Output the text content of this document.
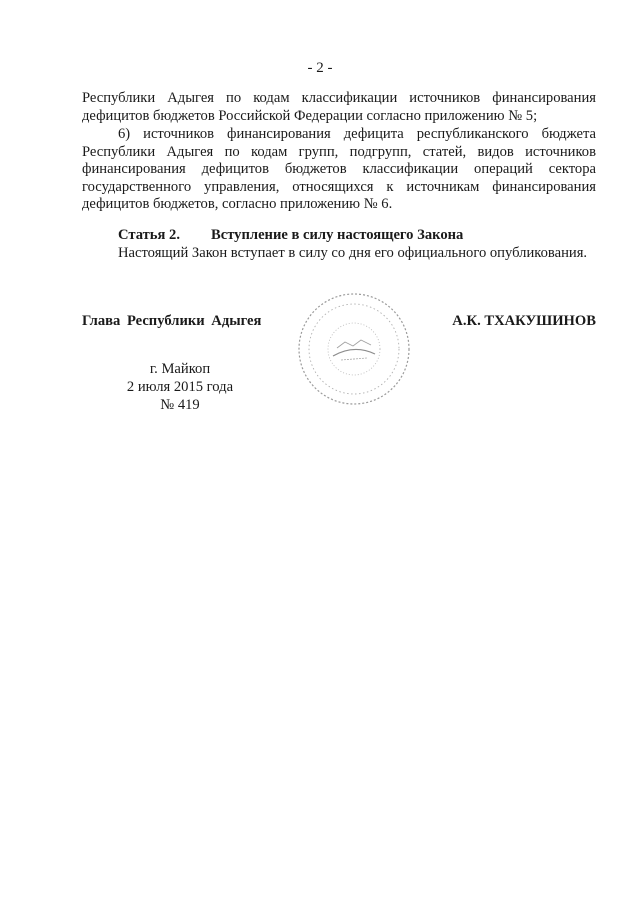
- 2 -
Республики Адыгея по кодам классификации источников финансирования дефицитов бюджетов Российской Федерации согласно приложению № 5;
6) источников финансирования дефицита республиканского бюджета Республики Адыгея по кодам групп, подгрупп, статей, видов источников финансирования дефицитов бюджетов классификации операций сектора государственного управления, относящихся к источникам финансирования дефицитов бюджетов, согласно приложению № 6.
Статья 2. Вступление в силу настоящего Закона
Настоящий Закон вступает в силу со дня его официального опубликования.
Глава Республики Адыгея	А.К. ТХАКУШИНОВ
г. Майкоп
2 июля 2015 года
№ 419
